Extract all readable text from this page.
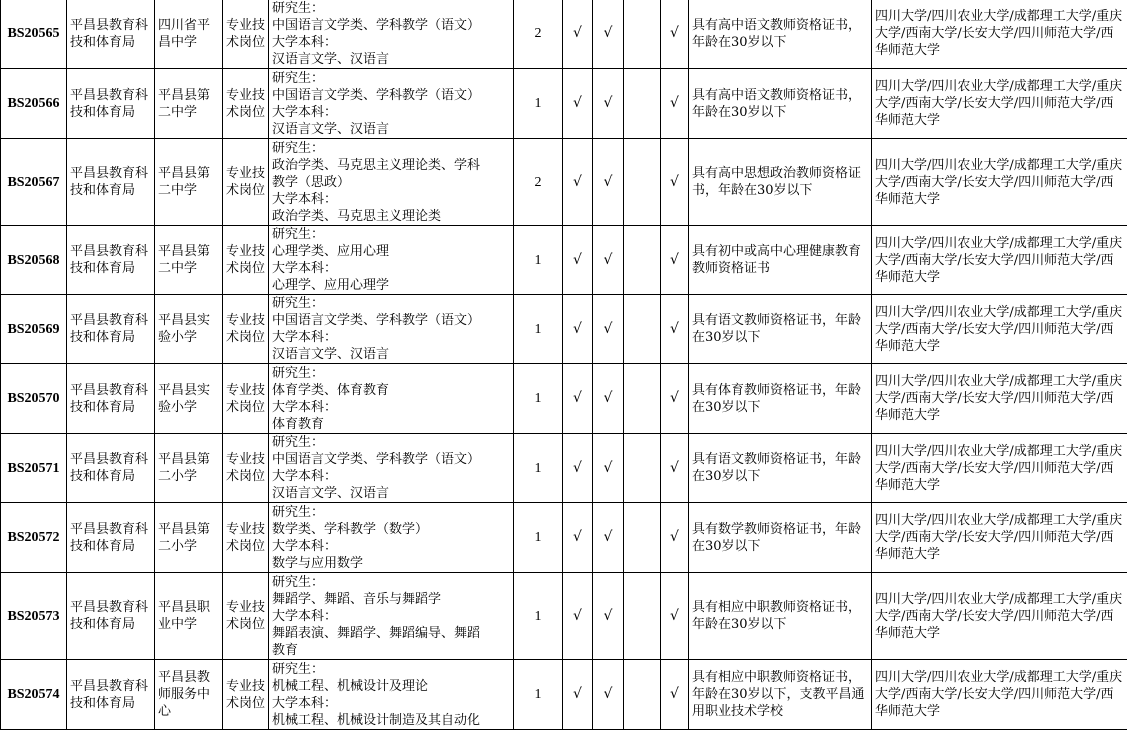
BS20565	平昌县教育科技和体育局	四川省平昌中学	专业技术岗位	研究生：
中国语言文学类、学科教学（语文）
大学本科：
汉语言文学、汉语言	2	√	√		√	具有高中语文教师资格证书，年龄在30岁以下	四川大学/四川农业大学/成都理工大学/重庆大学/西南大学/长安大学/四川师范大学/西华师范大学
BS20566	平昌县教育科技和体育局	平昌县第二中学	专业技术岗位	研究生：
中国语言文学类、学科教学（语文）
大学本科：
汉语言文学、汉语言	1	√	√		√	具有高中语文教师资格证书，年龄在30岁以下	四川大学/四川农业大学/成都理工大学/重庆大学/西南大学/长安大学/四川师范大学/西华师范大学
BS20567	平昌县教育科技和体育局	平昌县第二中学	专业技术岗位	研究生：
政治学类、马克思主义理论类、学科
教学（思政）
大学本科：
政治学类、马克思主义理论类	2	√	√		√	具有高中思想政治教师资格证书，年龄在30岁以下	四川大学/四川农业大学/成都理工大学/重庆大学/西南大学/长安大学/四川师范大学/西华师范大学
BS20568	平昌县教育科技和体育局	平昌县第二中学	专业技术岗位	研究生：
心理学类、应用心理
大学本科：
心理学、应用心理学	1	√	√		√	具有初中或高中心理健康教育教师资格证书	四川大学/四川农业大学/成都理工大学/重庆大学/西南大学/长安大学/四川师范大学/西华师范大学
BS20569	平昌县教育科技和体育局	平昌县实验小学	专业技术岗位	研究生：
中国语言文学类、学科教学（语文）
大学本科：
汉语言文学、汉语言	1	√	√		√	具有语文教师资格证书，年龄在30岁以下	四川大学/四川农业大学/成都理工大学/重庆大学/西南大学/长安大学/四川师范大学/西华师范大学
BS20570	平昌县教育科技和体育局	平昌县实验小学	专业技术岗位	研究生：
体育学类、体育教育
大学本科：
体育教育	1	√	√		√	具有体育教师资格证书，年龄在30岁以下	四川大学/四川农业大学/成都理工大学/重庆大学/西南大学/长安大学/四川师范大学/西华师范大学
BS20571	平昌县教育科技和体育局	平昌县第二小学	专业技术岗位	研究生：
中国语言文学类、学科教学（语文）
大学本科：
汉语言文学、汉语言	1	√	√		√	具有语文教师资格证书，年龄在30岁以下	四川大学/四川农业大学/成都理工大学/重庆大学/西南大学/长安大学/四川师范大学/西华师范大学
BS20572	平昌县教育科技和体育局	平昌县第二小学	专业技术岗位	研究生：
数学类、学科教学（数学）
大学本科：
数学与应用数学	1	√	√		√	具有数学教师资格证书，年龄在30岁以下	四川大学/四川农业大学/成都理工大学/重庆大学/西南大学/长安大学/四川师范大学/西华师范大学
BS20573	平昌县教育科技和体育局	平昌县职业中学	专业技术岗位	研究生：
舞蹈学、舞蹈、音乐与舞蹈学
大学本科：
舞蹈表演、舞蹈学、舞蹈编导、舞蹈
教育	1	√	√		√	具有相应中职教师资格证书，年龄在30岁以下	四川大学/四川农业大学/成都理工大学/重庆大学/西南大学/长安大学/四川师范大学/西华师范大学
BS20574	平昌县教育科技和体育局	平昌县教师服务中心	专业技术岗位	研究生：
机械工程、机械设计及理论
大学本科：
机械工程、机械设计制造及其自动化	1	√	√		√	具有相应中职教师资格证书，年龄在30岁以下，支教平昌通用职业技术学校	四川大学/四川农业大学/成都理工大学/重庆大学/西南大学/长安大学/四川师范大学/西华师范大学
